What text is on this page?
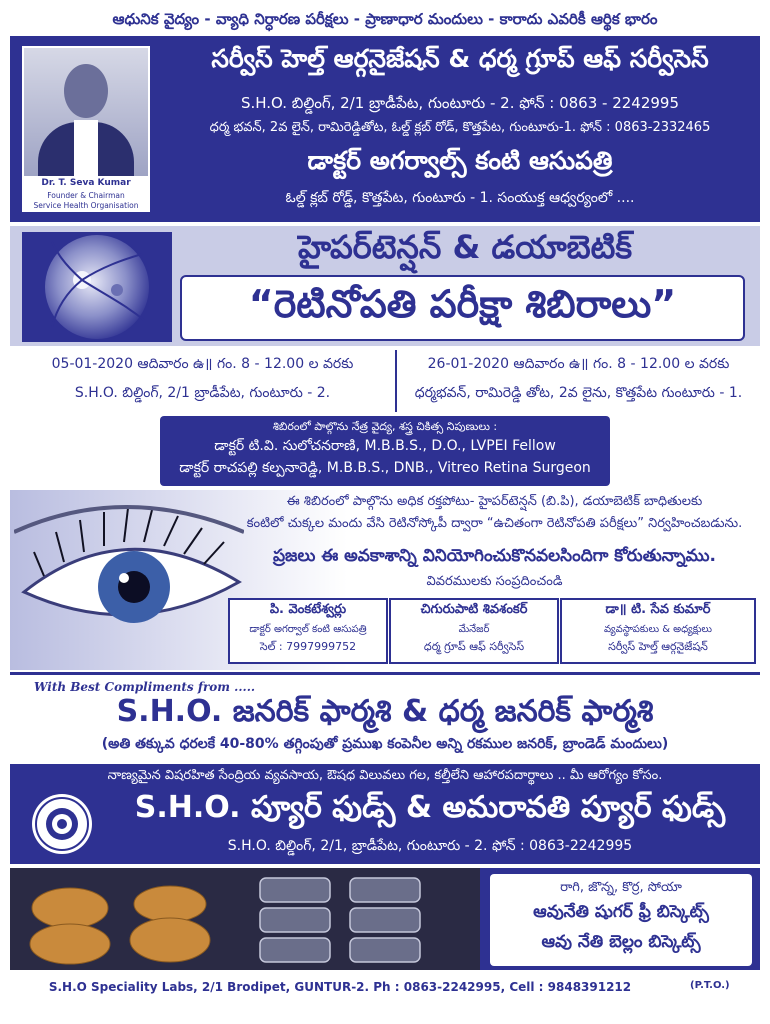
ఆధునిక వైద్యం - వ్యాధి నిర్ధారణ పరీక్షలు - ప్రాణాధార మందులు - కారాదు ఎవరికీ ఆర్థిక భారం
Dr. T. Seva Kumar
Founder & Chairman
Service Health Organisation
సర్వీస్ హెల్త్ ఆర్గనైజేషన్ & ధర్మ గ్రూప్ ఆఫ్ సర్వీసెస్
S.H.O. బిల్డింగ్, 2/1 బ్రాడీపేట, గుంటూరు - 2. ఫోన్ : 0863 - 2242995
ధర్మ భవన్, 2వ లైన్, రామిరెడ్డితోట, ఓల్డ్ క్లబ్ రోడ్, కొత్తపేట, గుంటూరు-1. ఫోన్ : 0863-2332465
డాక్టర్ అగర్వాల్స్ కంటి ఆసుపత్రి
ఓల్డ్ క్లబ్ రోడ్డ్, కొత్తపేట, గుంటూరు - 1. సంయుక్త ఆధ్వర్యంలో ....
హైపర్‌టెన్షన్ & డయాబెటిక్
“రెటినోపతి పరీక్షా శిబిరాలు”
05-01-2020 ఆదివారం ఉ॥ గం. 8 - 12.00 ల వరకు
S.H.O. బిల్డింగ్, 2/1 బ్రాడీపేట, గుంటూరు - 2.
26-01-2020 ఆదివారం ఉ॥ గం. 8 - 12.00 ల వరకు
ధర్మభవన్, రామిరెడ్డి తోట, 2వ లైను, కొత్తపేట గుంటూరు - 1.
శిబిరంలో పాల్గొను నేత్ర వైద్య, శస్త్ర చికిత్స నిపుణులు :
డాక్టర్ టి.వి. సులోచనరాణి, M.B.B.S., D.O., LVPEI Fellow
డాక్టర్ రాచపల్లి కల్పనారెడ్డి, M.B.B.S., DNB., Vitreo Retina Surgeon
ఈ శిబిరంలో పాల్గొను అధిక రక్తపోటు- హైపర్‌టెన్షన్ (బి.పి), డయాబెటిక్ బాధితులకు
కంటిలో చుక్కల మందు వేసి రెటినోస్కోపీ ద్వారా “ఉచితంగా రెటినోపతి పరీక్షలు” నిర్వహించబడును.
ప్రజలు ఈ అవకాశాన్ని వినియోగించుకొనవలసిందిగా కోరుతున్నాము.
వివరములకు సంప్రదించండి
పి. వెంకటేశ్వర్లు
డాక్టర్ అగర్వాల్ కంటి ఆసుపత్రి
సెల్ : 7997999752
చిగురుపాటి శివశంకర్
మేనేజర్
ధర్మ గ్రూప్ ఆఫ్ సర్వీసెస్
డా॥ టి. సేవ కుమార్
వ్యవస్థాపకులు & అధ్యక్షులు
సర్వీస్ హెల్త్ ఆర్గనైజేషన్
With Best Compliments from .....
S.H.O. జనరిక్ ఫార్మశి & ధర్మ జనరిక్ ఫార్మశి
(అతి తక్కువ ధరలకే 40-80% తగ్గింపుతో ప్రముఖ కంపెనీల అన్ని రకముల జనరిక్, బ్రాండెడ్ మందులు)
నాణ్యమైన విషరహిత సేంద్రియ వ్యవసాయ, ఔషధ విలువలు గల, కల్తీలేని ఆహారపదార్థాలు .. మీ ఆరోగ్యం కోసం.
S.H.O. ప్యూర్ ఫుడ్స్ & అమరావతి ప్యూర్ ఫుడ్స్
S.H.O. బిల్డింగ్, 2/1, బ్రాడీపేట, గుంటూరు - 2. ఫోన్ : 0863-2242995
రాగి, జొన్న, కొర్ర, సోయా
ఆవునేతి షుగర్ ఫ్రీ బిస్కెట్స్
ఆవు నేతి బెల్లం బిస్కెట్స్
S.H.O Speciality Labs, 2/1 Brodipet, GUNTUR-2. Ph : 0863-2242995, Cell : 9848391212	(P.T.O.)
